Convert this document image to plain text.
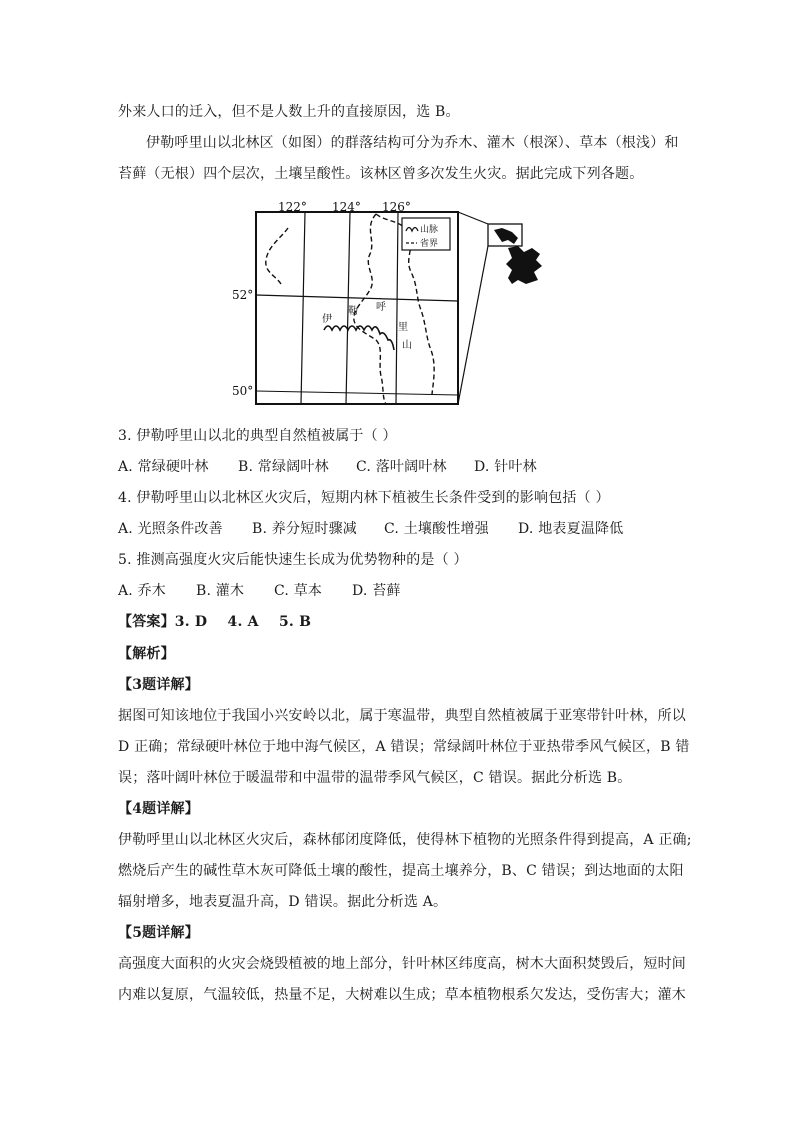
外来人口的迁入，但不是人数上升的直接原因，选 B。
伊勒呼里山以北林区（如图）的群落结构可分为乔木、灌木（根深）、草本（根浅）和
苔藓（无根）四个层次，土壤呈酸性。该林区曾多次发生火灾。据此完成下列各题。
122° 124° 126°
52°
50°
伊
勒 呼
里
山
山脉
省界
3. 伊勒呼里山以北的典型自然植被属于（ ）
A. 常绿硬叶林 B. 常绿阔叶林 C. 落叶阔叶林 D. 针叶林
4. 伊勒呼里山以北林区火灾后，短期内林下植被生长条件受到的影响包括（ ）
A. 光照条件改善 B. 养分短时骤减 C. 土壤酸性增强 D. 地表夏温降低
5. 推测高强度火灾后能快速生长成为优势物种的是（ ）
A. 乔木 B. 灌木 C. 草本 D. 苔藓
【答案】3. D    4. A    5. B
【解析】
【3题详解】
据图可知该地位于我国小兴安岭以北，属于寒温带，典型自然植被属于亚寒带针叶林，所以
D 正确；常绿硬叶林位于地中海气候区，A 错误；常绿阔叶林位于亚热带季风气候区，B 错
误；落叶阔叶林位于暖温带和中温带的温带季风气候区，C 错误。据此分析选 B。
【4题详解】
伊勒呼里山以北林区火灾后，森林郁闭度降低，使得林下植物的光照条件得到提高，A 正确;
燃烧后产生的碱性草木灰可降低土壤的酸性，提高土壤养分，B、C 错误；到达地面的太阳
辐射增多，地表夏温升高，D 错误。据此分析选 A。
【5题详解】
高强度大面积的火灾会烧毁植被的地上部分，针叶林区纬度高，树木大面积焚毁后，短时间
内难以复原，气温较低，热量不足，大树难以生成；草本植物根系欠发达，受伤害大；灌木
